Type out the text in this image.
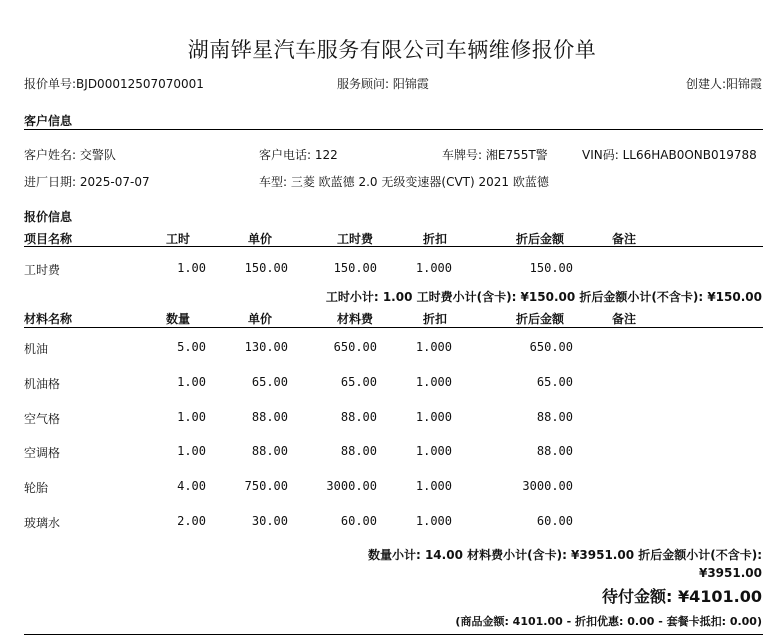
湖南铧星汽车服务有限公司车辆维修报价单
报价单号:BJD00012507070001	服务顾问: 阳锦霞	创建人:阳锦霞
客户信息
客户姓名: 交警队	客户电话: 122	车牌号: 湘E755T警	VIN码: LL66HAB0ONB019788
进厂日期: 2025-07-07	车型: 三菱 欧蓝德 2.0 无级变速器(CVT) 2021 欧蓝德
报价信息
项目名称	工时	单价	工时费	折扣	折后金额	备注
工时费	1.00	150.00	150.00	1.000	150.00
工时小计: 1.00 工时费小计(含卡): ¥150.00 折后金额小计(不含卡): ¥150.00
材料名称	数量	单价	材料费	折扣	折后金额	备注
机油	5.00	130.00	650.00	1.000	650.00
机油格	1.00	65.00	65.00	1.000	65.00
空气格	1.00	88.00	88.00	1.000	88.00
空调格	1.00	88.00	88.00	1.000	88.00
轮胎	4.00	750.00	3000.00	1.000	3000.00
玻璃水	2.00	30.00	60.00	1.000	60.00
数量小计: 14.00 材料费小计(含卡): ¥3951.00 折后金额小计(不含卡):
¥3951.00
待付金额: ¥4101.00
(商品金额: 4101.00 - 折扣优惠: 0.00 - 套餐卡抵扣: 0.00)
